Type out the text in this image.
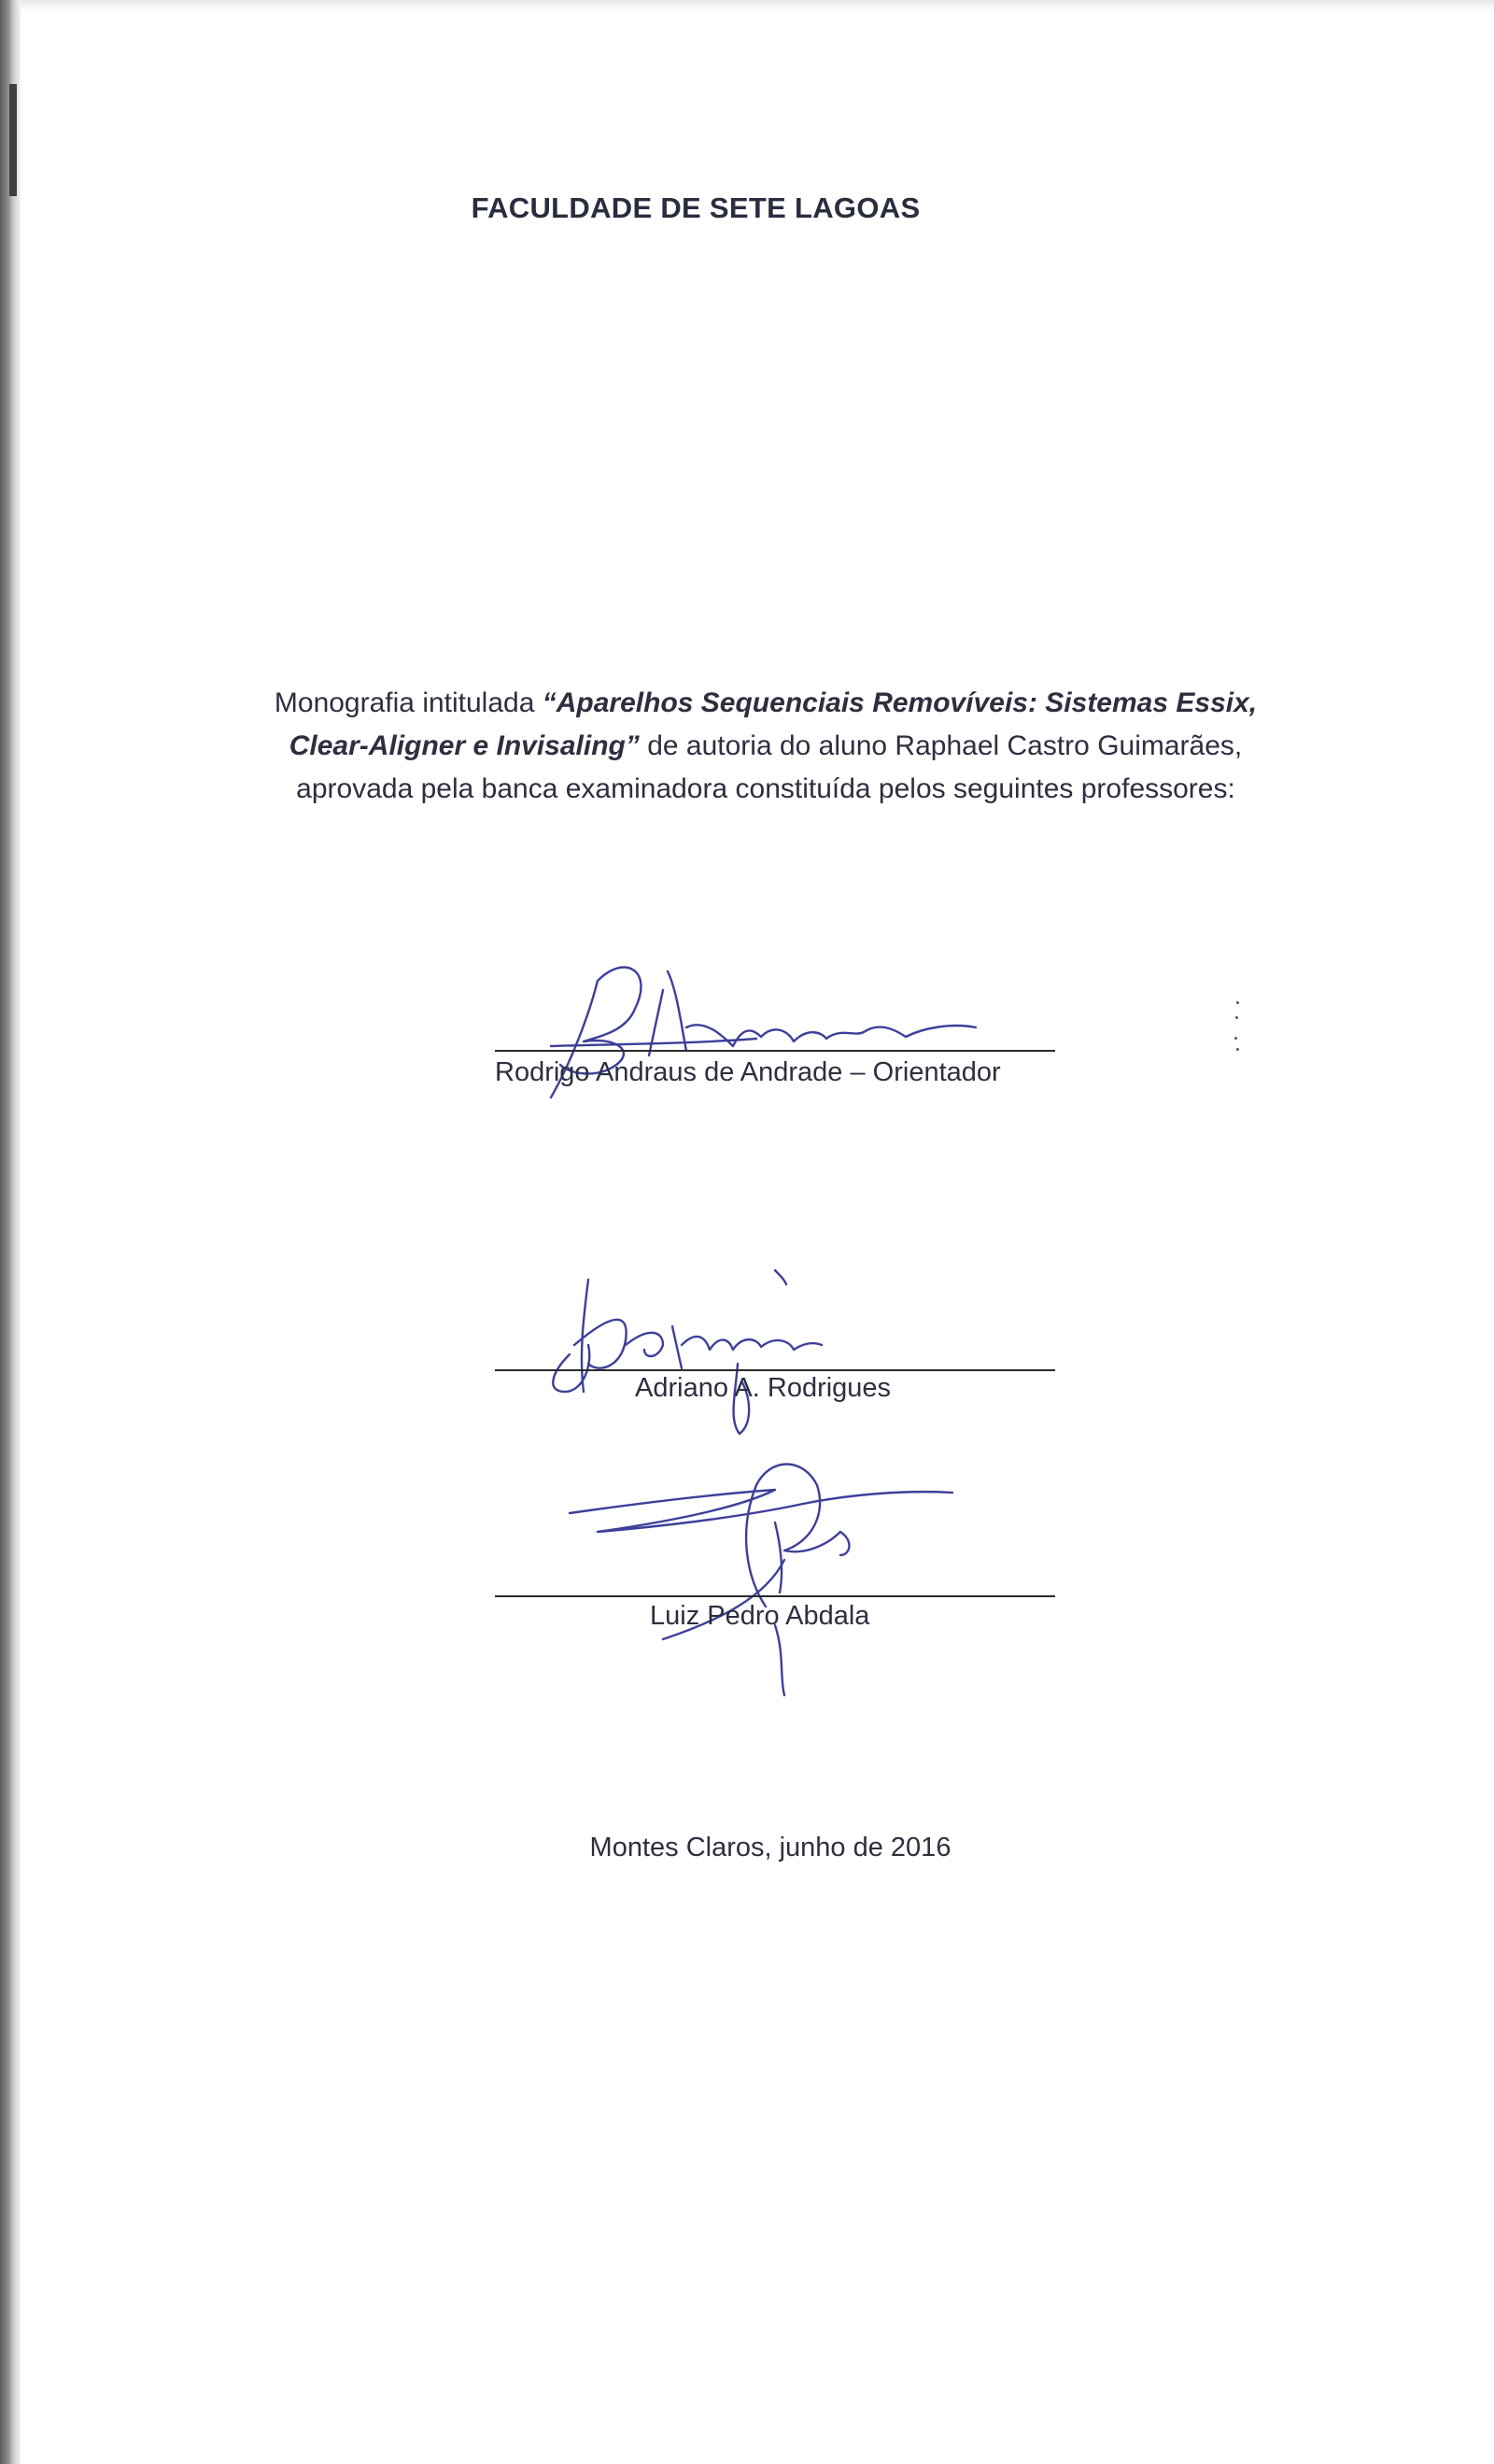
FACULDADE DE SETE LAGOAS
Monografia intitulada “Aparelhos Sequenciais Removíveis: Sistemas Essix, Clear-Aligner e Invisaling” de autoria do aluno Raphael Castro Guimarães, aprovada pela banca examinadora constituída pelos seguintes professores:
Rodrigo Andraus de Andrade – Orientador
Adriano A. Rodrigues
Luiz Pedro Abdala
Montes Claros, junho de 2016
